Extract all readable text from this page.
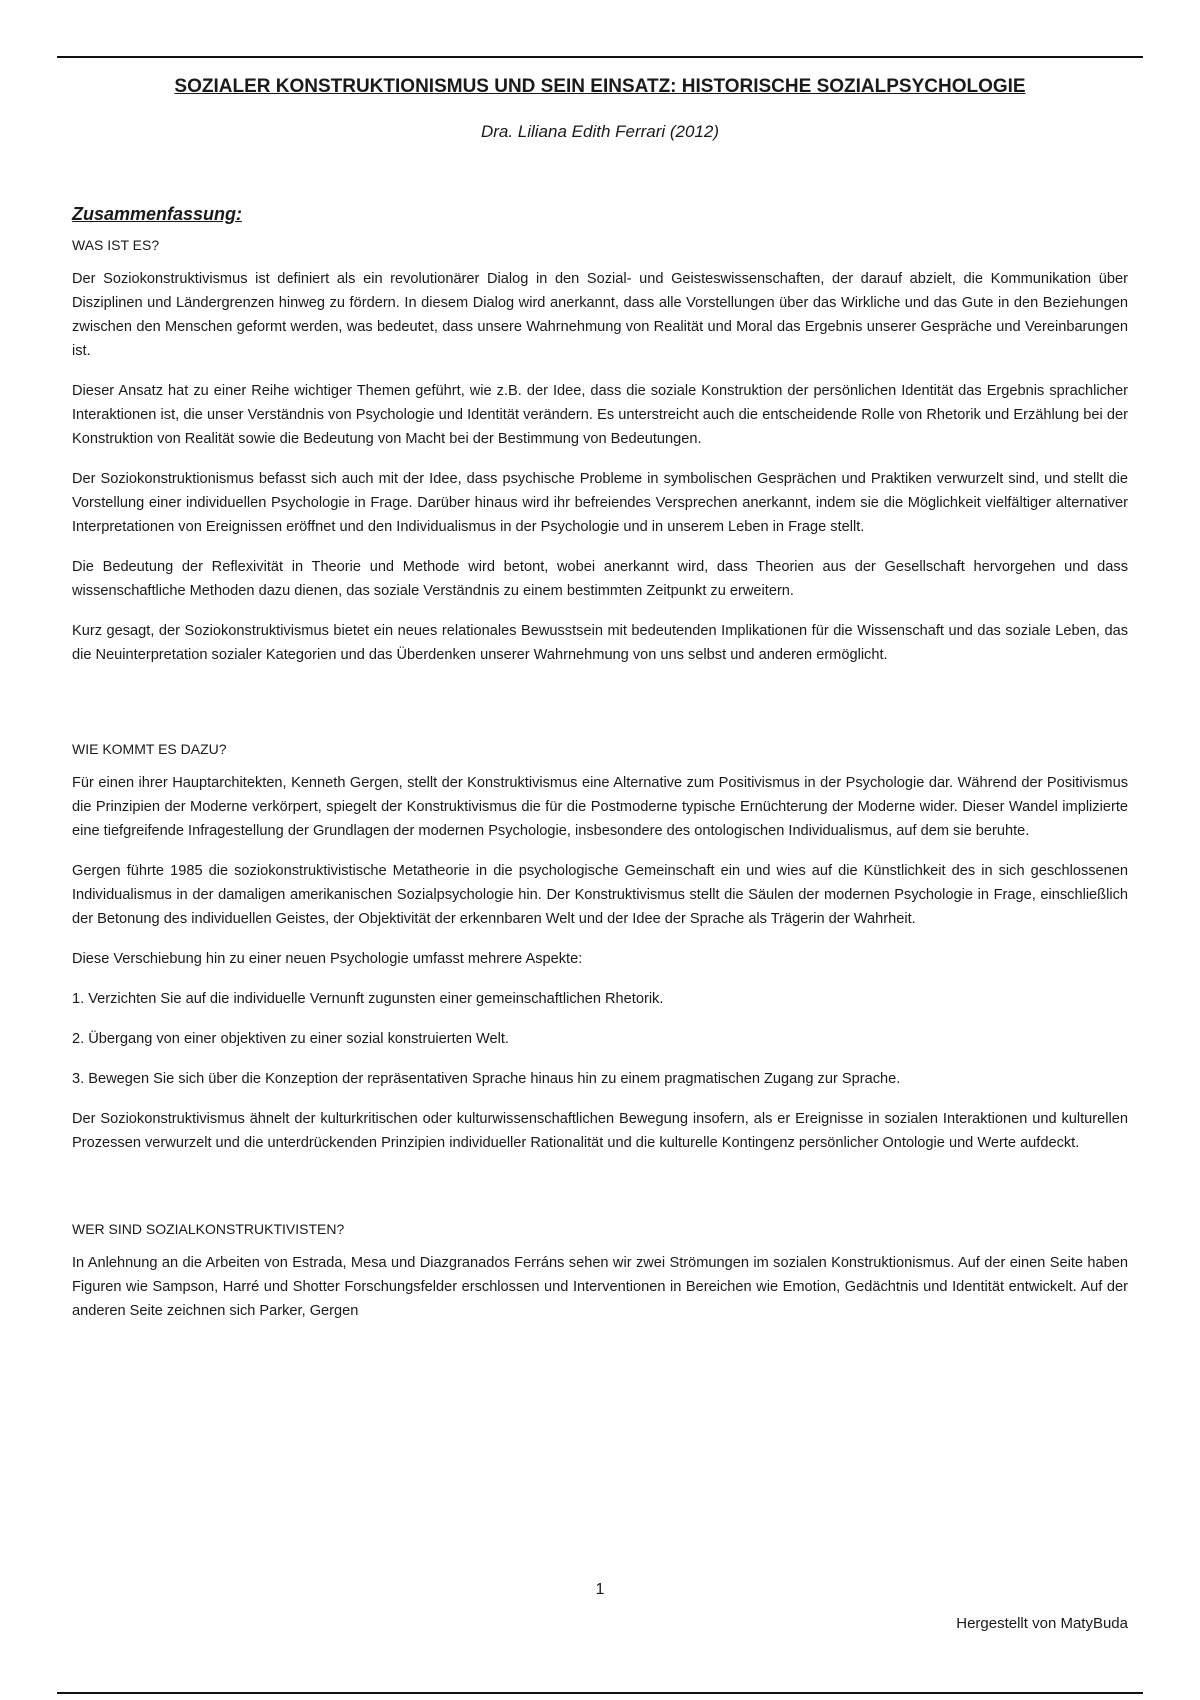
SOZIALER KONSTRUKTIONISMUS UND SEIN EINSATZ: HISTORISCHE SOZIALPSYCHOLOGIE
Dra. Liliana Edith Ferrari (2012)
Zusammenfassung:
WAS IST ES?

Der Soziokonstruktivismus ist definiert als ein revolutionärer Dialog in den Sozial- und Geisteswissenschaften, der darauf abzielt, die Kommunikation über Disziplinen und Ländergrenzen hinweg zu fördern. In diesem Dialog wird anerkannt, dass alle Vorstellungen über das Wirkliche und das Gute in den Beziehungen zwischen den Menschen geformt werden, was bedeutet, dass unsere Wahrnehmung von Realität und Moral das Ergebnis unserer Gespräche und Vereinbarungen ist.

Dieser Ansatz hat zu einer Reihe wichtiger Themen geführt, wie z.B. der Idee, dass die soziale Konstruktion der persönlichen Identität das Ergebnis sprachlicher Interaktionen ist, die unser Verständnis von Psychologie und Identität verändern. Es unterstreicht auch die entscheidende Rolle von Rhetorik und Erzählung bei der Konstruktion von Realität sowie die Bedeutung von Macht bei der Bestimmung von Bedeutungen.

Der Soziokonstruktionismus befasst sich auch mit der Idee, dass psychische Probleme in symbolischen Gesprächen und Praktiken verwurzelt sind, und stellt die Vorstellung einer individuellen Psychologie in Frage. Darüber hinaus wird ihr befreiendes Versprechen anerkannt, indem sie die Möglichkeit vielfältiger alternativer Interpretationen von Ereignissen eröffnet und den Individualismus in der Psychologie und in unserem Leben in Frage stellt.

Die Bedeutung der Reflexivität in Theorie und Methode wird betont, wobei anerkannt wird, dass Theorien aus der Gesellschaft hervorgehen und dass wissenschaftliche Methoden dazu dienen, das soziale Verständnis zu einem bestimmten Zeitpunkt zu erweitern.

Kurz gesagt, der Soziokonstruktivismus bietet ein neues relationales Bewusstsein mit bedeutenden Implikationen für die Wissenschaft und das soziale Leben, das die Neuinterpretation sozialer Kategorien und das Überdenken unserer Wahrnehmung von uns selbst und anderen ermöglicht.

WIE KOMMT ES DAZU?

Für einen ihrer Hauptarchitekten, Kenneth Gergen, stellt der Konstruktivismus eine Alternative zum Positivismus in der Psychologie dar. Während der Positivismus die Prinzipien der Moderne verkörpert, spiegelt der Konstruktivismus die für die Postmoderne typische Ernüchterung der Moderne wider. Dieser Wandel implizierte eine tiefgreifende Infragestellung der Grundlagen der modernen Psychologie, insbesondere des ontologischen Individualismus, auf dem sie beruhte.

Gergen führte 1985 die soziokonstruktivistische Metatheorie in die psychologische Gemeinschaft ein und wies auf die Künstlichkeit des in sich geschlossenen Individualismus in der damaligen amerikanischen Sozialpsychologie hin. Der Konstruktivismus stellt die Säulen der modernen Psychologie in Frage, einschließlich der Betonung des individuellen Geistes, der Objektivität der erkennbaren Welt und der Idee der Sprache als Trägerin der Wahrheit.

Diese Verschiebung hin zu einer neuen Psychologie umfasst mehrere Aspekte:

1. Verzichten Sie auf die individuelle Vernunft zugunsten einer gemeinschaftlichen Rhetorik.

2. Übergang von einer objektiven zu einer sozial konstruierten Welt.

3. Bewegen Sie sich über die Konzeption der repräsentativen Sprache hinaus hin zu einem pragmatischen Zugang zur Sprache.

Der Soziokonstruktivismus ähnelt der kulturkritischen oder kulturwissenschaftlichen Bewegung insofern, als er Ereignisse in sozialen Interaktionen und kulturellen Prozessen verwurzelt und die unterdrückenden Prinzipien individueller Rationalität und die kulturelle Kontingenz persönlicher Ontologie und Werte aufdeckt.

WER SIND SOZIALKONSTRUKTIVISTEN?

In Anlehnung an die Arbeiten von Estrada, Mesa und Diazgranados Ferráns sehen wir zwei Strömungen im sozialen Konstruktionismus. Auf der einen Seite haben Figuren wie Sampson, Harré und Shotter Forschungsfelder erschlossen und Interventionen in Bereichen wie Emotion, Gedächtnis und Identität entwickelt. Auf der anderen Seite zeichnen sich Parker, Gergen

1
Hergestellt von MatyBuda
